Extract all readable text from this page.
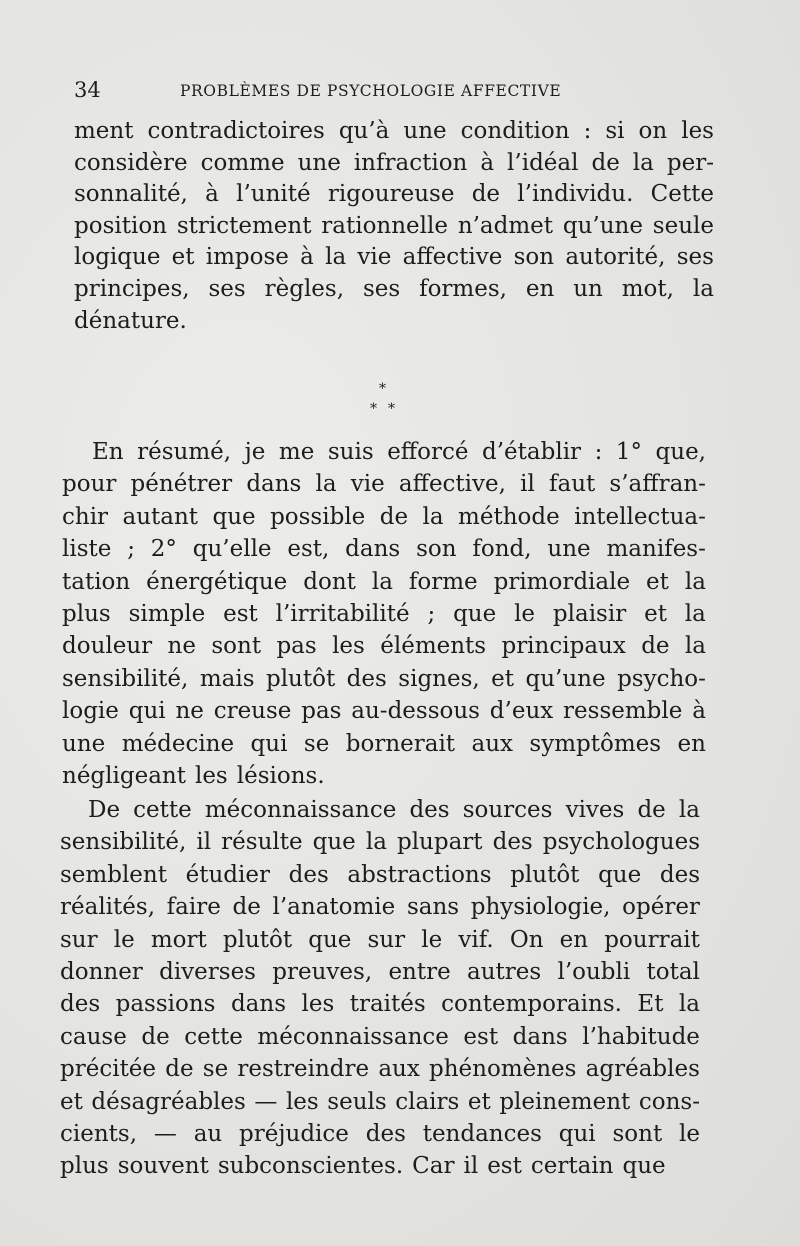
34	PROBLÈMES DE PSYCHOLOGIE AFFECTIVE
ment contradictoires qu’à une condition : si on les
considère comme une infraction à l’idéal de la per-
sonnalité, à l’unité rigoureuse de l’individu. Cette
position strictement rationnelle n’admet qu’une seule
logique et impose à la vie affective son autorité, ses
principes, ses règles, ses formes, en un mot, la
dénature.
*
* *
En résumé, je me suis efforcé d’établir : 1° que,
pour pénétrer dans la vie affective, il faut s’affran-
chir autant que possible de la méthode intellectua-
liste ; 2° qu’elle est, dans son fond, une manifes-
tation énergétique dont la forme primordiale et la
plus simple est l’irritabilité ; que le plaisir et la
douleur ne sont pas les éléments principaux de la
sensibilité, mais plutôt des signes, et qu’une psycho-
logie qui ne creuse pas au-dessous d’eux ressemble à
une médecine qui se bornerait aux symptômes en
négligeant les lésions.
De cette méconnaissance des sources vives de la
sensibilité, il résulte que la plupart des psychologues
semblent étudier des abstractions plutôt que des
réalités, faire de l’anatomie sans physiologie, opérer
sur le mort plutôt que sur le vif. On en pourrait
donner diverses preuves, entre autres l’oubli total
des passions dans les traités contemporains. Et la
cause de cette méconnaissance est dans l’habitude
précitée de se restreindre aux phénomènes agréables
et désagréables — les seuls clairs et pleinement cons-
cients, — au préjudice des tendances qui sont le
plus souvent subconscientes. Car il est certain que
